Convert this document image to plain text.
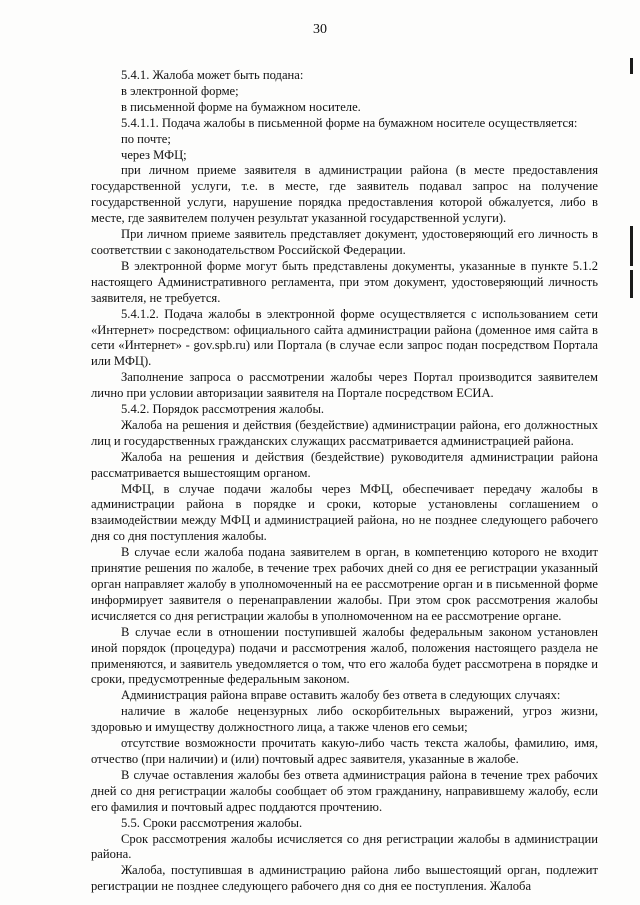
30

5.4.1. Жалоба может быть подана:

в электронной форме;

в письменной форме на бумажном носителе.

5.4.1.1. Подача жалобы в письменной форме на бумажном носителе осуществляется:

по почте;

через МФЦ;

при личном приеме заявителя в администрации района (в месте предоставления государственной услуги, т.е. в месте, где заявитель подавал запрос на получение государственной услуги, нарушение порядка предоставления которой обжалуется, либо в месте, где заявителем получен результат указанной государственной услуги).

При личном приеме заявитель представляет документ, удостоверяющий его личность в соответствии с законодательством Российской Федерации.

В электронной форме могут быть представлены документы, указанные в пункте 5.1.2 настоящего Административного регламента, при этом документ, удостоверяющий личность заявителя, не требуется.

5.4.1.2. Подача жалобы в электронной форме осуществляется с использованием сети «Интернет» посредством: официального сайта администрации района (доменное имя сайта в сети «Интернет» - gov.spb.ru) или Портала (в случае если запрос подан посредством Портала или МФЦ).

Заполнение запроса о рассмотрении жалобы через Портал производится заявителем лично при условии авторизации заявителя на Портале посредством ЕСИА.

5.4.2. Порядок рассмотрения жалобы.

Жалоба на решения и действия (бездействие) администрации района, его должностных лиц и государственных гражданских служащих рассматривается администрацией района.

Жалоба на решения и действия (бездействие) руководителя администрации района рассматривается вышестоящим органом.

МФЦ, в случае подачи жалобы через МФЦ, обеспечивает передачу жалобы в администрации района в порядке и сроки, которые установлены соглашением о взаимодействии между МФЦ и администрацией района, но не позднее следующего рабочего дня со дня поступления жалобы.

В случае если жалоба подана заявителем в орган, в компетенцию которого не входит принятие решения по жалобе, в течение трех рабочих дней со дня ее регистрации указанный орган направляет жалобу в уполномоченный на ее рассмотрение орган и в письменной форме информирует заявителя о перенаправлении жалобы. При этом срок рассмотрения жалобы исчисляется со дня регистрации жалобы в уполномоченном на ее рассмотрение органе.

В случае если в отношении поступившей жалобы федеральным законом установлен иной порядок (процедура) подачи и рассмотрения жалоб, положения настоящего раздела не применяются, и заявитель уведомляется о том, что его жалоба будет рассмотрена в порядке и сроки, предусмотренные федеральным законом.

Администрация района вправе оставить жалобу без ответа в следующих случаях:

наличие в жалобе нецензурных либо оскорбительных выражений, угроз жизни, здоровью и имуществу должностного лица, а также членов его семьи;

отсутствие возможности прочитать какую-либо часть текста жалобы, фамилию, имя, отчество (при наличии) и (или) почтовый адрес заявителя, указанные в жалобе.

В случае оставления жалобы без ответа администрация района в течение трех рабочих дней со дня регистрации жалобы сообщает об этом гражданину, направившему жалобу, если его фамилия и почтовый адрес поддаются прочтению.

5.5. Сроки рассмотрения жалобы.

Срок рассмотрения жалобы исчисляется со дня регистрации жалобы в администрации района.

Жалоба, поступившая в администрацию района либо вышестоящий орган, подлежит регистрации не позднее следующего рабочего дня со дня ее поступления. Жалоба
